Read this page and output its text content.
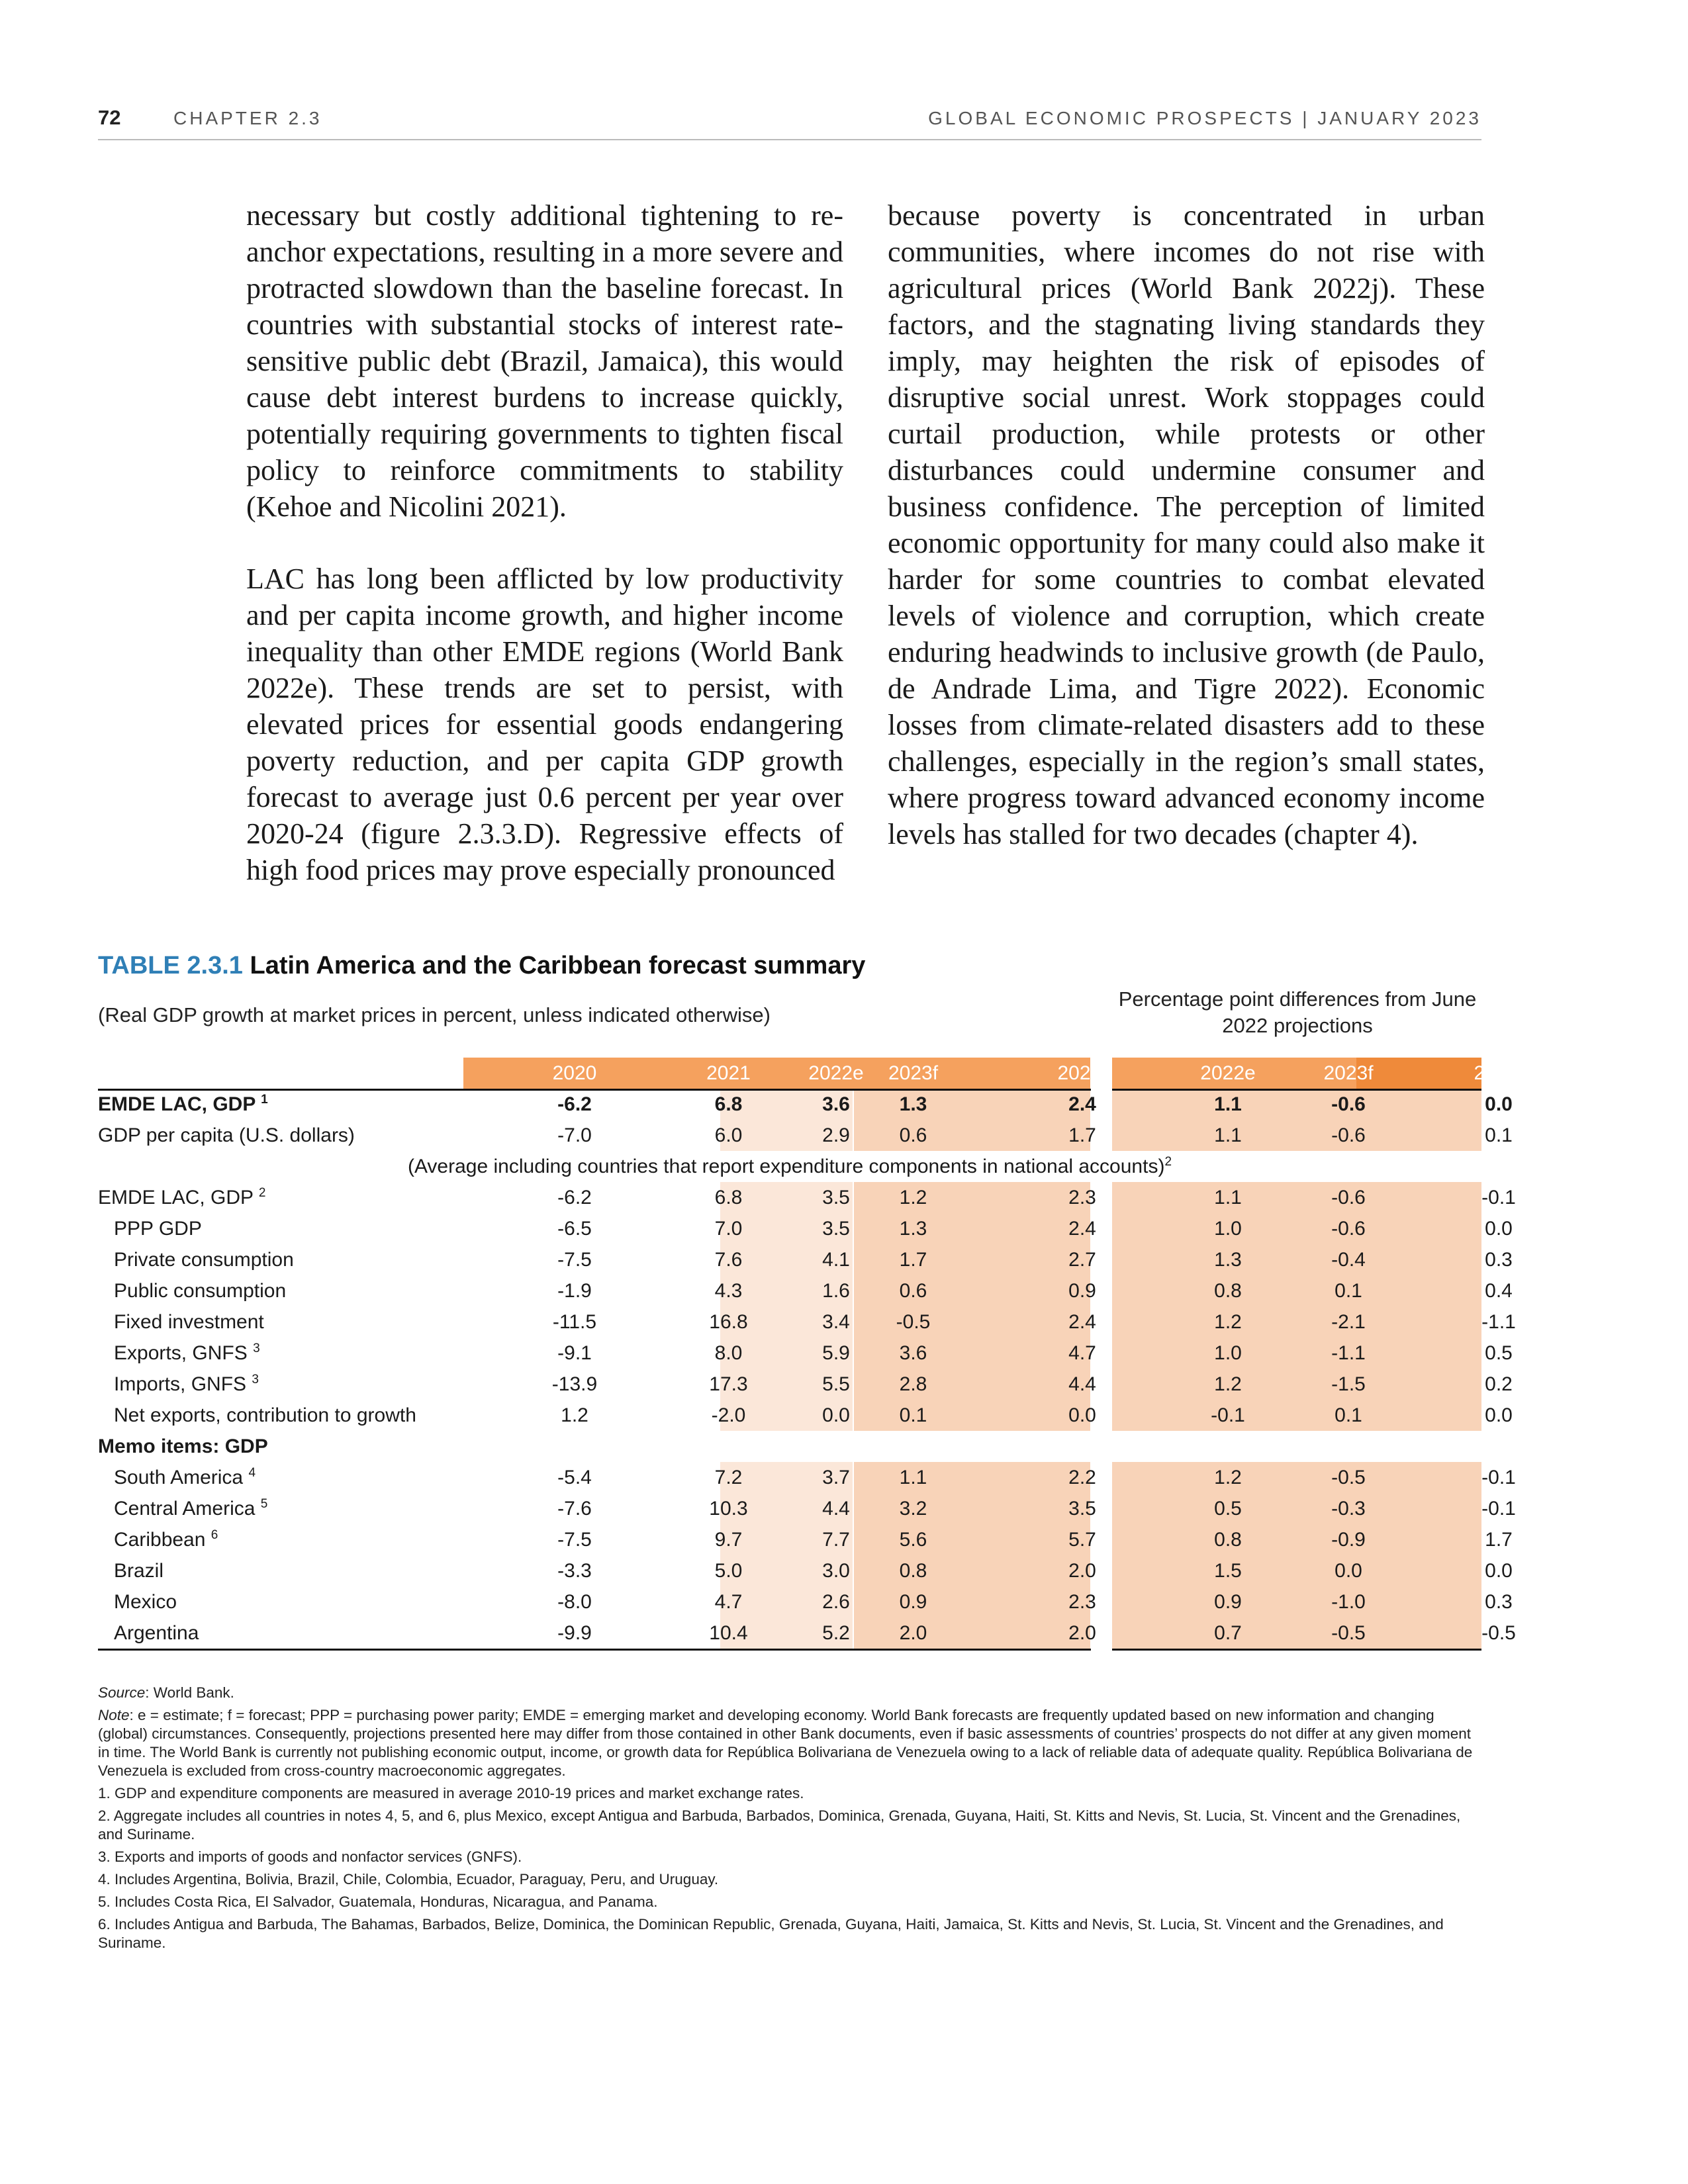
72	CHAPTER 2.3	GLOBAL ECONOMIC PROSPECTS | JANUARY 2023

necessary but costly additional tightening to re-anchor expectations, resulting in a more severe and protracted slowdown than the baseline forecast. In countries with substantial stocks of interest rate-sensitive public debt (Brazil, Jamaica), this would cause debt interest burdens to increase quickly, potentially requiring governments to tighten fiscal policy to reinforce commitments to stability (Kehoe and Nicolini 2021).

LAC has long been afflicted by low productivity and per capita income growth, and higher income inequality than other EMDE regions (World Bank 2022e). These trends are set to persist, with elevated prices for essential goods endangering poverty reduction, and per capita GDP growth forecast to average just 0.6 percent per year over 2020-24 (figure 2.3.3.D). Regressive effects of high food prices may prove especially pronounced

because poverty is concentrated in urban communities, where incomes do not rise with agricultural prices (World Bank 2022j). These factors, and the stagnating living standards they imply, may heighten the risk of episodes of disruptive social unrest. Work stoppages could curtail production, while protests or other disturbances could undermine consumer and business confidence. The perception of limited economic opportunity for many could also make it harder for some countries to combat elevated levels of violence and corruption, which create enduring headwinds to inclusive growth (de Paulo, de Andrade Lima, and Tigre 2022). Economic losses from climate-related disasters add to these challenges, especially in the region’s small states, where progress toward advanced economy income levels has stalled for two decades (chapter 4).

TABLE 2.3.1 Latin America and the Caribbean forecast summary
(Real GDP growth at market prices in percent, unless indicated otherwise)
Percentage point differences from June 2022 projections
2020	2021	2022e	2023f	2024f	2022e	2023f	2024f
(Average including countries that report expenditure components in national accounts)$^2$
EMDE LAC, GDP $^1$	-6.2	6.8	3.6	1.3	2.4	1.1	-0.6	0.0
GDP per capita (U.S. dollars)	-7.0	6.0	2.9	0.6	1.7	1.1	-0.6	0.1
EMDE LAC, GDP $^2$	-6.2	6.8	3.5	1.2	2.3	1.1	-0.6	-0.1
PPP GDP	-6.5	7.0	3.5	1.3	2.4	1.0	-0.6	0.0
Private consumption	-7.5	7.6	4.1	1.7	2.7	1.3	-0.4	0.3
Public consumption	-1.9	4.3	1.6	0.6	0.9	0.8	0.1	0.4
Fixed investment	-11.5	16.8	3.4	-0.5	2.4	1.2	-2.1	-1.1
Exports, GNFS $^3$	-9.1	8.0	5.9	3.6	4.7	1.0	-1.1	0.5
Imports, GNFS $^3$	-13.9	17.3	5.5	2.8	4.4	1.2	-1.5	0.2
Net exports, contribution to growth	1.2	-2.0	0.0	0.1	0.0	-0.1	0.1	0.0
Memo items: GDP
South America $^4$	-5.4	7.2	3.7	1.1	2.2	1.2	-0.5	-0.1
Central America $^5$	-7.6	10.3	4.4	3.2	3.5	0.5	-0.3	-0.1
Caribbean $^6$	-7.5	9.7	7.7	5.6	5.7	0.8	-0.9	1.7
Brazil	-3.3	5.0	3.0	0.8	2.0	1.5	0.0	0.0
Mexico	-8.0	4.7	2.6	0.9	2.3	0.9	-1.0	0.3
Argentina	-9.9	10.4	5.2	2.0	2.0	0.7	-0.5	-0.5

Source: World Bank.

Note: e = estimate; f = forecast; PPP = purchasing power parity; EMDE = emerging market and developing economy. World Bank forecasts are frequently updated based on new information and changing (global) circumstances. Consequently, projections presented here may differ from those contained in other Bank documents, even if basic assessments of countries’ prospects do not differ at any given moment in time. The World Bank is currently not publishing economic output, income, or growth data for República Bolivariana de Venezuela owing to a lack of reliable data of adequate quality. República Bolivariana de Venezuela is excluded from cross-country macroeconomic aggregates.

1. GDP and expenditure components are measured in average 2010-19 prices and market exchange rates.

2. Aggregate includes all countries in notes 4, 5, and 6, plus Mexico, except Antigua and Barbuda, Barbados, Dominica, Grenada, Guyana, Haiti, St. Kitts and Nevis, St. Lucia, St. Vincent and the Grenadines, and Suriname.

3. Exports and imports of goods and nonfactor services (GNFS).

4. Includes Argentina, Bolivia, Brazil, Chile, Colombia, Ecuador, Paraguay, Peru, and Uruguay.

5. Includes Costa Rica, El Salvador, Guatemala, Honduras, Nicaragua, and Panama.

6. Includes Antigua and Barbuda, The Bahamas, Barbados, Belize, Dominica, the Dominican Republic, Grenada, Guyana, Haiti, Jamaica, St. Kitts and Nevis, St. Lucia, St. Vincent and the Grenadines, and Suriname.
